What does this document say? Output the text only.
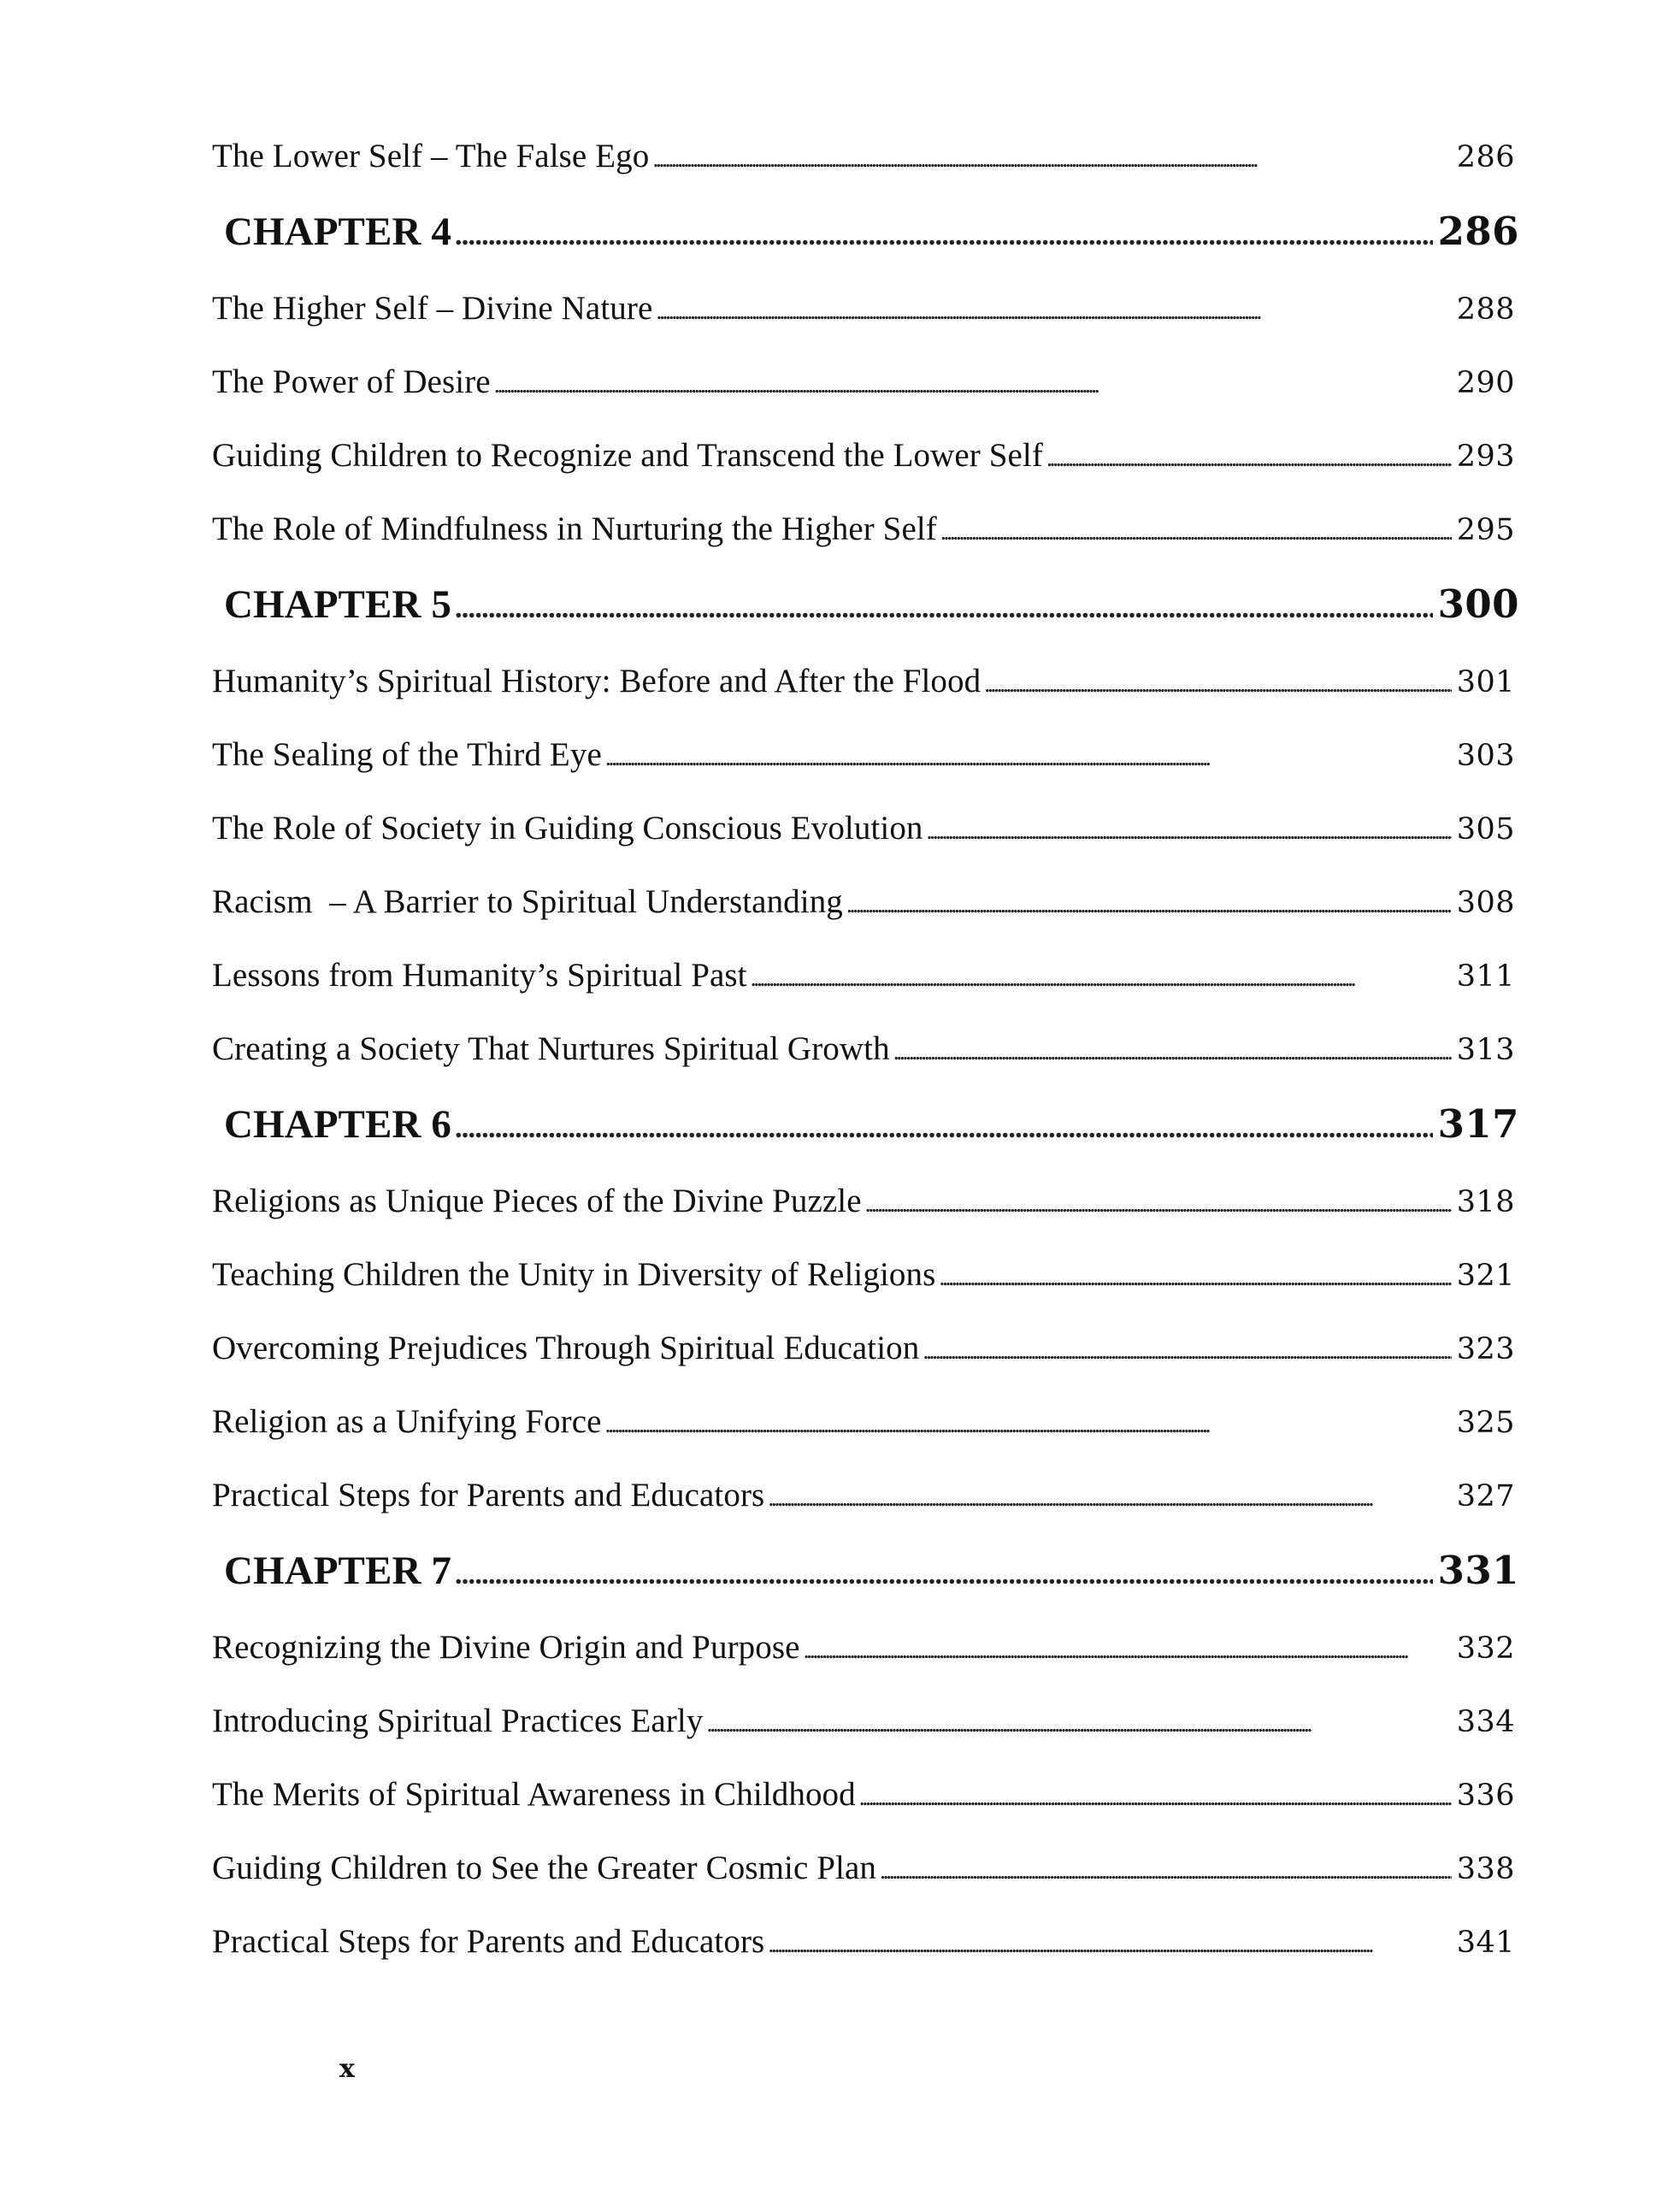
The Lower Self – The False Ego . . .	286
CHAPTER 4 . . .	286
The Higher Self – Divine Nature . . .	288
The Power of Desire . . .	290
Guiding Children to Recognize and Transcend the Lower Self . . .	293
The Role of Mindfulness in Nurturing the Higher Self . . .	295
CHAPTER 5 . . .	300
Humanity’s Spiritual History: Before and After the Flood . . .	301
The Sealing of the Third Eye . . .	303
The Role of Society in Guiding Conscious Evolution . . .	305
Racism  – A Barrier to Spiritual Understanding . . .	308
Lessons from Humanity’s Spiritual Past . . .	311
Creating a Society That Nurtures Spiritual Growth . . .	313
CHAPTER 6 . . .	317
Religions as Unique Pieces of the Divine Puzzle . . .	318
Teaching Children the Unity in Diversity of Religions . . .	321
Overcoming Prejudices Through Spiritual Education . . .	323
Religion as a Unifying Force . . .	325
Practical Steps for Parents and Educators . . .	327
CHAPTER 7 . . .	331
Recognizing the Divine Origin and Purpose . . .	332
Introducing Spiritual Practices Early . . .	334
The Merits of Spiritual Awareness in Childhood . . .	336
Guiding Children to See the Greater Cosmic Plan . . .	338
Practical Steps for Parents and Educators . . .	341
x
